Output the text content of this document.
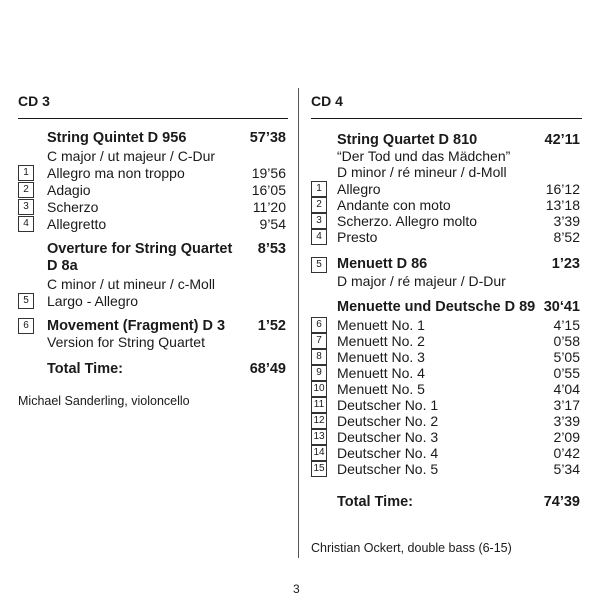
CD 3
String Quintet D 956	57’38
C major / ut majeur / C-Dur
1	Allegro ma non troppo	19’56
2	Adagio	16’05
3	Scherzo	11’20
4	Allegretto	9’54
Overture for String Quartet	8’53
D 8a
C minor / ut mineur / c-Moll
5	Largo - Allegro
6	Movement (Fragment) D 3	1’52
Version for String Quartet
Total Time:	68’49
Michael Sanderling, violoncello
CD 4
String Quartet D 810	42’11
“Der Tod und das Mädchen”
D minor / ré mineur / d-Moll
1	Allegro	16’12
2	Andante con moto	13’18
3	Scherzo. Allegro molto	3’39
4	Presto	8’52
5	Menuett D 86	1’23
D major / ré majeur / D-Dur
Menuette und Deutsche D 89 30‘41
6	Menuett No. 1	4’15
7	Menuett No. 2	0’58
8	Menuett No. 3	5’05
9	Menuett No. 4	0’55
10 Menuett No. 5	4’04
11 Deutscher No. 1	3’17
12 Deutscher No. 2	3’39
13 Deutscher No. 3	2’09
14 Deutscher No. 4	0’42
15 Deutscher No. 5	5’34
Total Time:	74’39
Christian Ockert, double bass (6-15)
3
